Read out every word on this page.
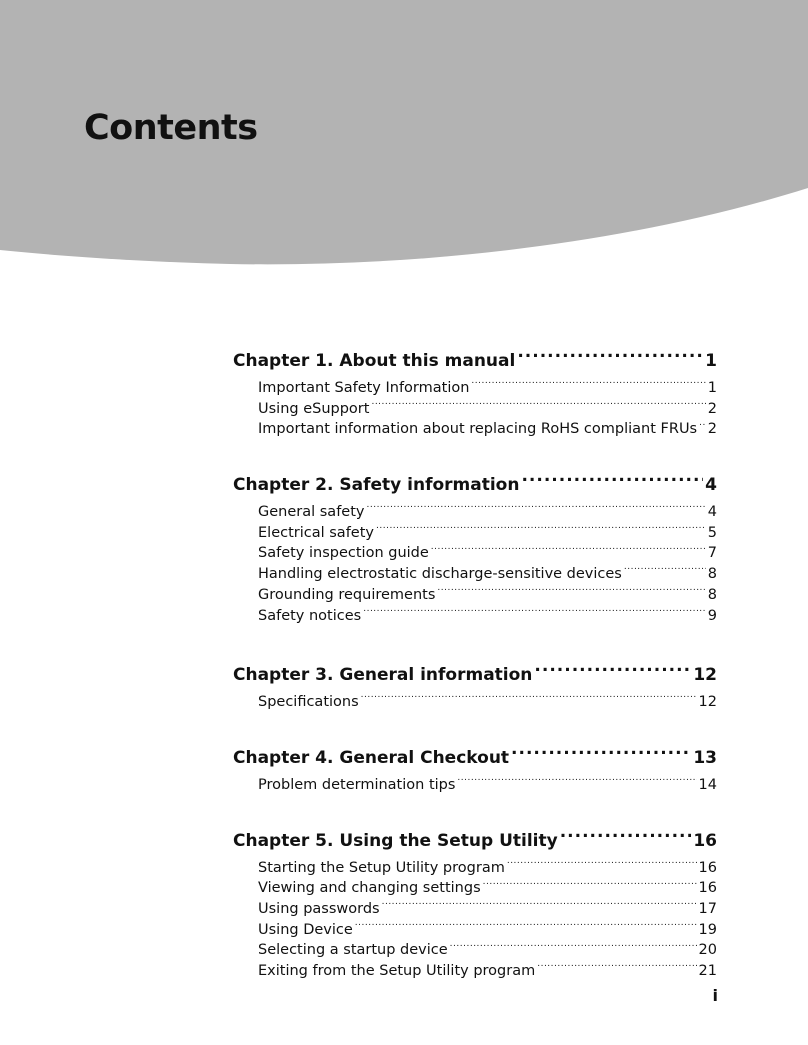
Contents
Chapter 1. About this manual .....	1
Important Safety Information .....	1
Using eSupport .....	2
Important information about replacing RoHS compliant FRUs ..... 2
Chapter 2. Safety information .....	4
General safety .....	4
Electrical safety .....	5
Safety inspection guide .....	7
Handling electrostatic discharge-sensitive devices .....	8
Grounding requirements .....	8
Safety notices .....	9
Chapter 3. General information .....	12
Specifications .....	12
Chapter 4. General Checkout .....	13
Problem determination tips .....	14
Chapter 5. Using the Setup Utility .....	16
Starting the Setup Utility program .....	16
Viewing and changing settings .....	16
Using passwords .....	17
Using Device .....	19
Selecting a startup device .....	20
Exiting from the Setup Utility program .....	21
i
